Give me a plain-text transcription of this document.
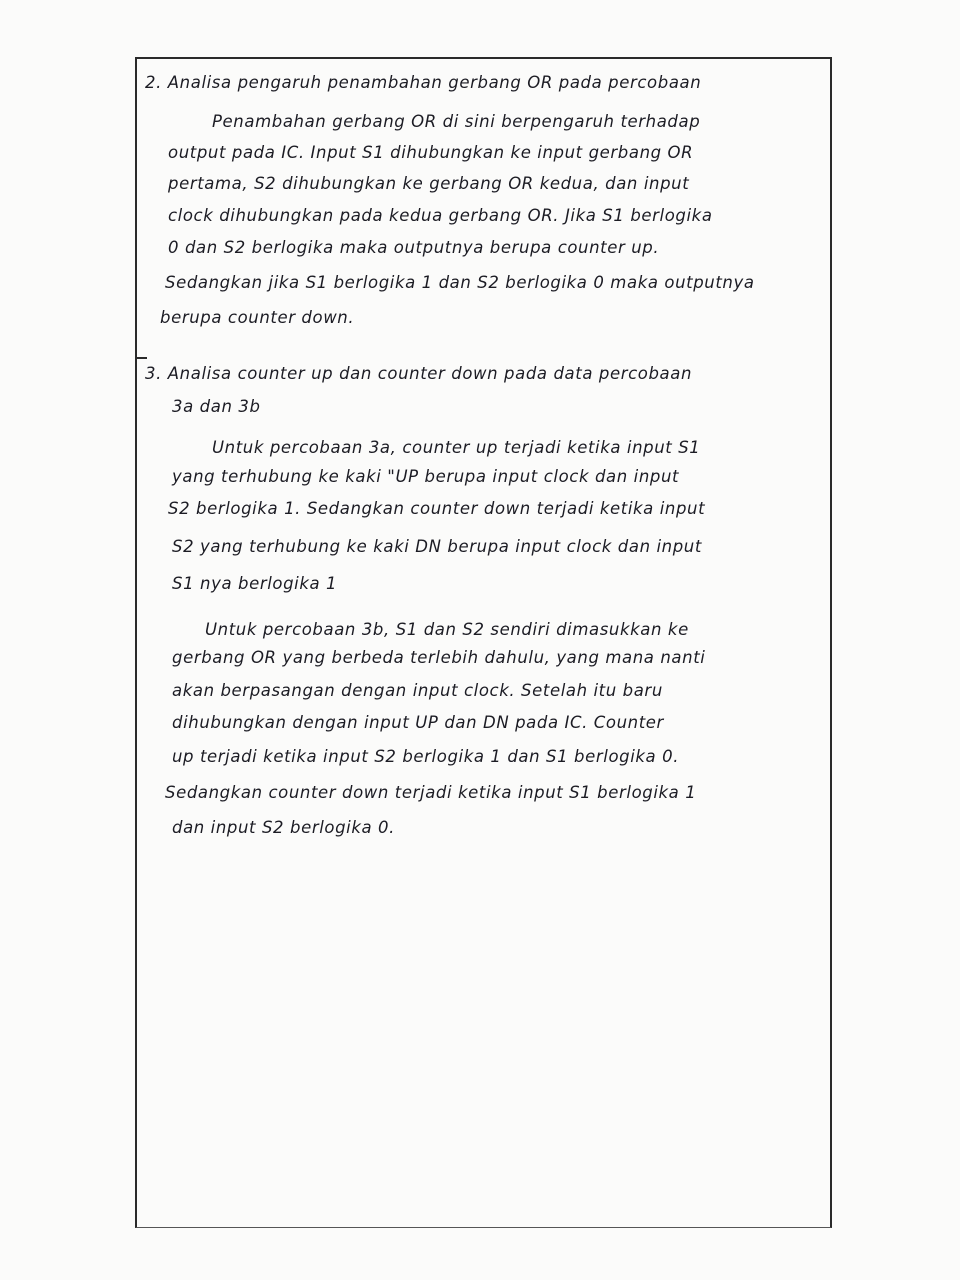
2. Analisa pengaruh penambahan gerbang OR pada percobaan
Penambahan gerbang OR di sini berpengaruh terhadap
output pada IC. Input S1 dihubungkan ke input gerbang OR
pertama, S2 dihubungkan ke gerbang OR kedua, dan input
clock dihubungkan pada kedua gerbang OR. Jika S1 berlogika
0 dan S2 berlogika maka outputnya berupa counter up.
Sedangkan jika S1 berlogika 1 dan S2 berlogika 0 maka outputnya
berupa counter down.
3. Analisa counter up dan counter down pada data percobaan
3a dan 3b
Untuk percobaan 3a, counter up terjadi ketika input S1
yang terhubung ke kaki "UP berupa input clock dan input
S2 berlogika 1. Sedangkan counter down terjadi ketika input
S2 yang terhubung ke kaki DN berupa input clock dan input
S1 nya berlogika 1
Untuk percobaan 3b, S1 dan S2 sendiri dimasukkan ke
gerbang OR yang berbeda terlebih dahulu, yang mana nanti
akan berpasangan dengan input clock. Setelah itu baru
dihubungkan dengan input UP dan DN pada IC. Counter
up terjadi ketika input S2 berlogika 1 dan S1 berlogika 0.
Sedangkan counter down terjadi ketika input S1 berlogika 1
dan input S2 berlogika 0.
